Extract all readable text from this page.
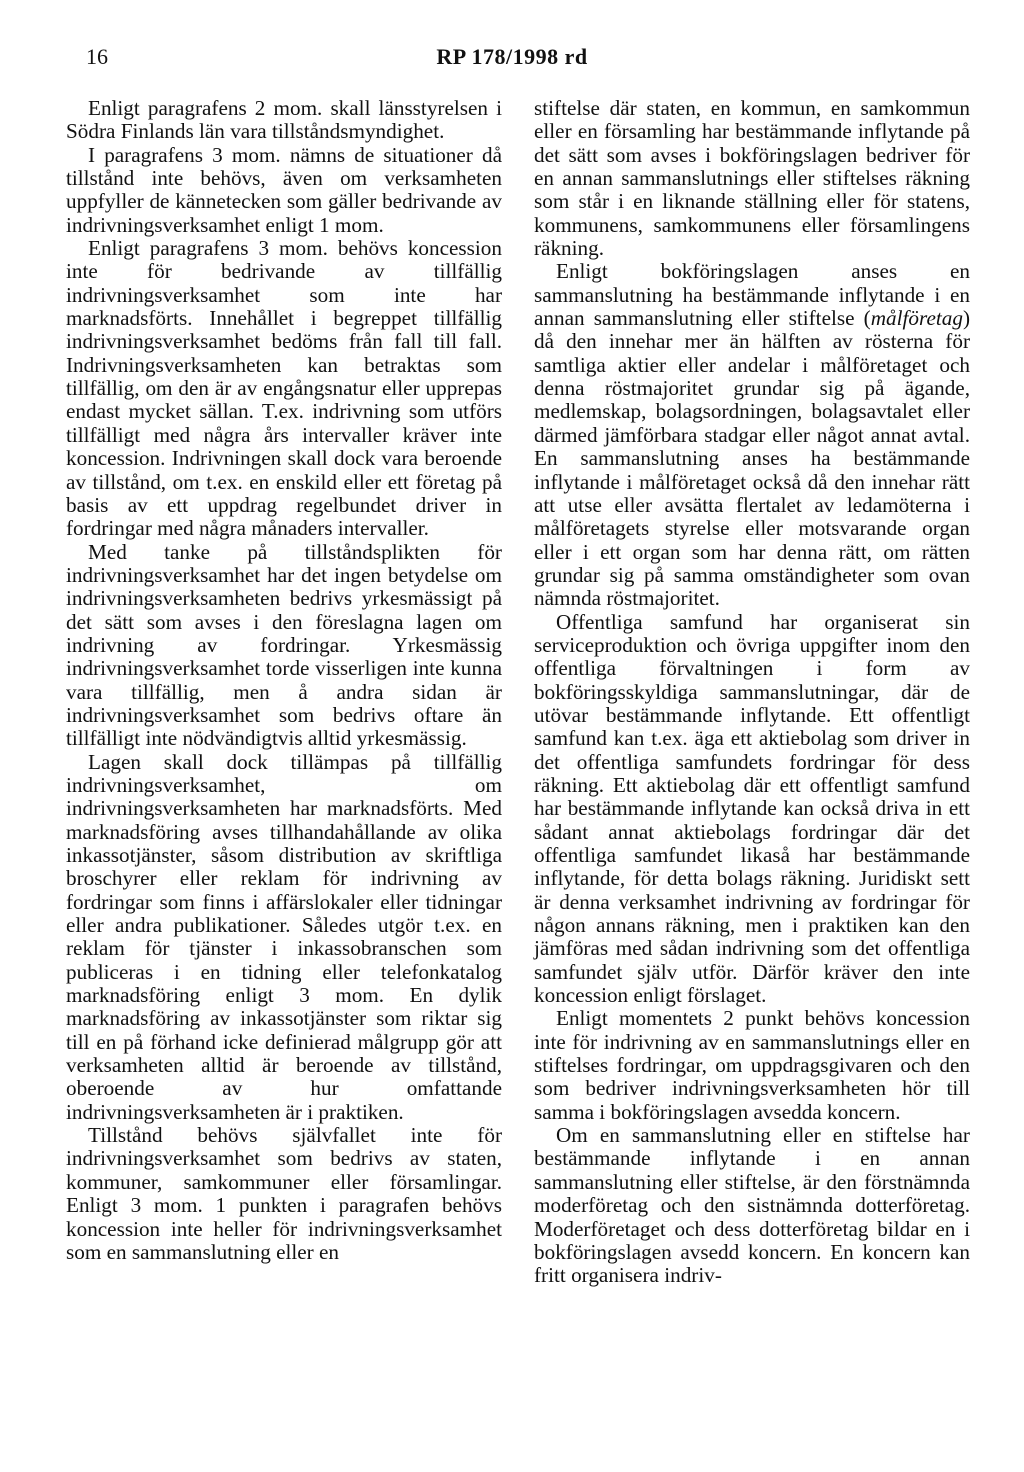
16	RP 178/1998 rd

Enligt paragrafens 2 mom. skall länsstyrelsen i Södra Finlands län vara tillståndsmyndighet.

I paragrafens 3 mom. nämns de situationer då tillstånd inte behövs, även om verksamheten uppfyller de kännetecken som gäller bedrivande av indrivningsverksamhet enligt 1 mom.

Enligt paragrafens 3 mom. behövs koncession inte för bedrivande av tillfällig indrivningsverksamhet som inte har marknadsförts. Innehållet i begreppet tillfällig indrivningsverksamhet bedöms från fall till fall. Indrivningsverksamheten kan betraktas som tillfällig, om den är av engångsnatur eller upprepas endast mycket sällan. T.ex. indrivning som utförs tillfälligt med några års intervaller kräver inte koncession. Indrivningen skall dock vara beroende av tillstånd, om t.ex. en enskild eller ett företag på basis av ett uppdrag regelbundet driver in fordringar med några månaders intervaller.

Med tanke på tillståndsplikten för indrivningsverksamhet har det ingen betydelse om indrivningsverksamheten bedrivs yrkesmässigt på det sätt som avses i den föreslagna lagen om indrivning av fordringar. Yrkesmässig indrivningsverksamhet torde visserligen inte kunna vara tillfällig, men å andra sidan är indrivningsverksamhet som bedrivs oftare än tillfälligt inte nödvändigtvis alltid yrkesmässig.

Lagen skall dock tillämpas på tillfällig indrivningsverksamhet, om indrivningsverksamheten har marknadsförts. Med marknadsföring avses tillhandahållande av olika inkassotjänster, såsom distribution av skriftliga broschyrer eller reklam för indrivning av fordringar som finns i affärslokaler eller tidningar eller andra publikationer. Således utgör t.ex. en reklam för tjänster i inkassobranschen som publiceras i en tidning eller telefonkatalog marknadsföring enligt 3 mom. En dylik marknadsföring av inkassotjänster som riktar sig till en på förhand icke definierad målgrupp gör att verksamheten alltid är beroende av tillstånd, oberoende av hur omfattande indrivningsverksamheten är i praktiken.

Tillstånd behövs självfallet inte för indrivningsverksamhet som bedrivs av staten, kommuner, samkommuner eller församlingar. Enligt 3 mom. 1 punkten i paragrafen behövs koncession inte heller för indrivningsverksamhet som en sammanslutning eller en

stiftelse där staten, en kommun, en samkommun eller en församling har bestämmande inflytande på det sätt som avses i bokföringslagen bedriver för en annan sammanslutnings eller stiftelses räkning som står i en liknande ställning eller för statens, kommunens, samkommunens eller församlingens räkning.

Enligt bokföringslagen anses en sammanslutning ha bestämmande inflytande i en annan sammanslutning eller stiftelse (målföretag) då den innehar mer än hälften av rösterna för samtliga aktier eller andelar i målföretaget och denna röstmajoritet grundar sig på ägande, medlemskap, bolagsordningen, bolagsavtalet eller därmed jämförbara stadgar eller något annat avtal. En sammanslutning anses ha bestämmande inflytande i målföretaget också då den innehar rätt att utse eller avsätta flertalet av ledamöterna i målföretagets styrelse eller motsvarande organ eller i ett organ som har denna rätt, om rätten grundar sig på samma omständigheter som ovan nämnda röstmajoritet.

Offentliga samfund har organiserat sin serviceproduktion och övriga uppgifter inom den offentliga förvaltningen i form av bokföringsskyldiga sammanslutningar, där de utövar bestämmande inflytande. Ett offentligt samfund kan t.ex. äga ett aktiebolag som driver in det offentliga samfundets fordringar för dess räkning. Ett aktiebolag där ett offentligt samfund har bestämmande inflytande kan också driva in ett sådant annat aktiebolags fordringar där det offentliga samfundet likaså har bestämmande inflytande, för detta bolags räkning. Juridiskt sett är denna verksamhet indrivning av fordringar för någon annans räkning, men i praktiken kan den jämföras med sådan indrivning som det offentliga samfundet själv utför. Därför kräver den inte koncession enligt förslaget.

Enligt momentets 2 punkt behövs koncession inte för indrivning av en sammanslutnings eller en stiftelses fordringar, om uppdragsgivaren och den som bedriver indrivningsverksamheten hör till samma i bokföringslagen avsedda koncern.

Om en sammanslutning eller en stiftelse har bestämmande inflytande i en annan sammanslutning eller stiftelse, är den förstnämnda moderföretag och den sistnämnda dotterföretag. Moderföretaget och dess dotterföretag bildar en i bokföringslagen avsedd koncern. En koncern kan fritt organisera indriv-
